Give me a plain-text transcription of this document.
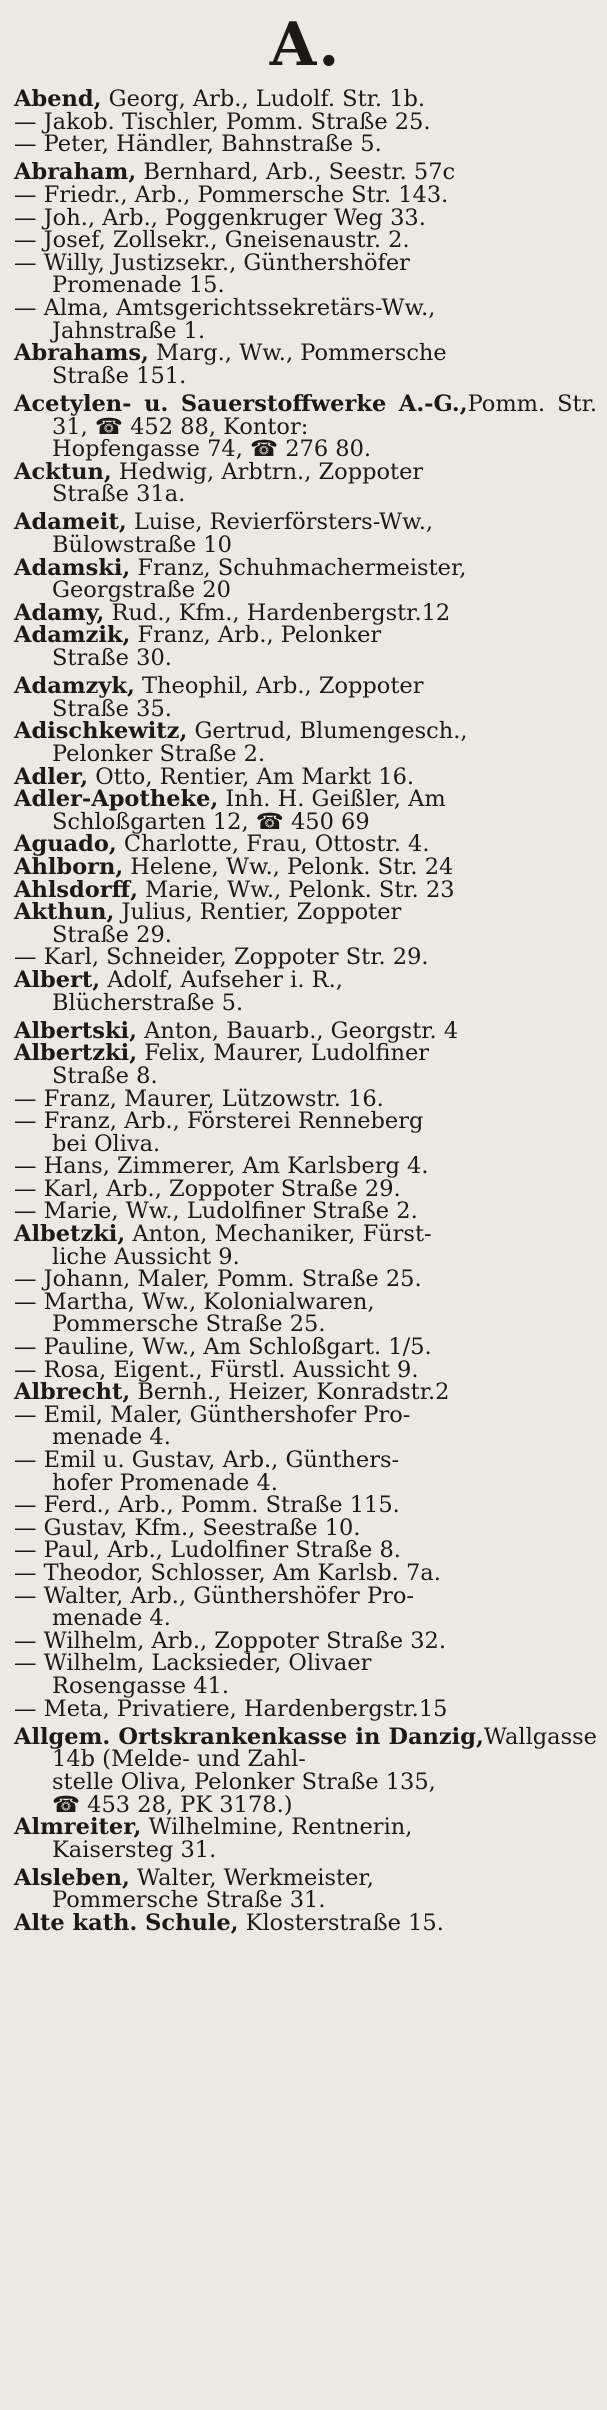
A.

Abend, Georg, Arb., Ludolf. Str. 1b.

— Jakob. Tischler, Pomm. Straße 25.

— Peter, Händler, Bahnstraße 5.

Abraham, Bernhard, Arb., Seestr. 57c

— Friedr., Arb., Pommersche Str. 143.

— Joh., Arb., Poggenkruger Weg 33.

— Josef, Zollsekr., Gneisenaustr. 2.

— Willy, Justizsekr., Günthershöfer
Promenade 15.

— Alma, Amtsgerichtssekretärs-Ww.,
Jahnstraße 1.

Abrahams, Marg., Ww., Pommersche
Straße 151.

Acetylen- u. Sauerstoffwerke A.-G.,Pomm. Str. 31, ☎ 452 88, Kontor:
Hopfengasse 74, ☎ 276 80.

Acktun, Hedwig, Arbtrn., Zoppoter
Straße 31a.

Adameit, Luise, Revierförsters-Ww.,
Bülowstraße 10

Adamski, Franz, Schuhmachermeister,
Georgstraße 20

Adamy, Rud., Kfm., Hardenbergstr.12

Adamzik, Franz, Arb., Pelonker
Straße 30.

Adamzyk, Theophil, Arb., Zoppoter
Straße 35.

Adischkewitz, Gertrud, Blumengesch.,
Pelonker Straße 2.

Adler, Otto, Rentier, Am Markt 16.

Adler-Apotheke, Inh. H. Geißler, Am
Schloßgarten 12, ☎ 450 69

Aguado, Charlotte, Frau, Ottostr. 4.

Ahlborn, Helene, Ww., Pelonk. Str. 24

Ahlsdorff, Marie, Ww., Pelonk. Str. 23

Akthun, Julius, Rentier, Zoppoter
Straße 29.

— Karl, Schneider, Zoppoter Str. 29.

Albert, Adolf, Aufseher i. R.,
Blücherstraße 5.

Albertski, Anton, Bauarb., Georgstr. 4

Albertzki, Felix, Maurer, Ludolfiner
Straße 8.

— Franz, Maurer, Lützowstr. 16.

— Franz, Arb., Försterei Renneberg
bei Oliva.

— Hans, Zimmerer, Am Karlsberg 4.

— Karl, Arb., Zoppoter Straße 29.

— Marie, Ww., Ludolfiner Straße 2.

Albetzki, Anton, Mechaniker, Fürst-
liche Aussicht 9.

— Johann, Maler, Pomm. Straße 25.

— Martha, Ww., Kolonialwaren,
Pommersche Straße 25.

— Pauline, Ww., Am Schloßgart. 1/5.

— Rosa, Eigent., Fürstl. Aussicht 9.

Albrecht, Bernh., Heizer, Konradstr.2

— Emil, Maler, Günthershofer Pro-
menade 4.

— Emil u. Gustav, Arb., Günthers-
hofer Promenade 4.

— Ferd., Arb., Pomm. Straße 115.

— Gustav, Kfm., Seestraße 10.

— Paul, Arb., Ludolfiner Straße 8.

— Theodor, Schlosser, Am Karlsb. 7a.

— Walter, Arb., Günthershöfer Pro-
menade 4.

— Wilhelm, Arb., Zoppoter Straße 32.

— Wilhelm, Lacksieder, Olivaer
Rosengasse 41.

— Meta, Privatiere, Hardenbergstr.15

Allgem. Ortskrankenkasse in Danzig,Wallgasse 14b (Melde- und Zahl-
stelle Oliva, Pelonker Straße 135,
☎ 453 28, PK 3178.)

Almreiter, Wilhelmine, Rentnerin,
Kaisersteg 31.

Alsleben, Walter, Werkmeister,
Pommersche Straße 31.

Alte kath. Schule, Klosterstraße 15.
